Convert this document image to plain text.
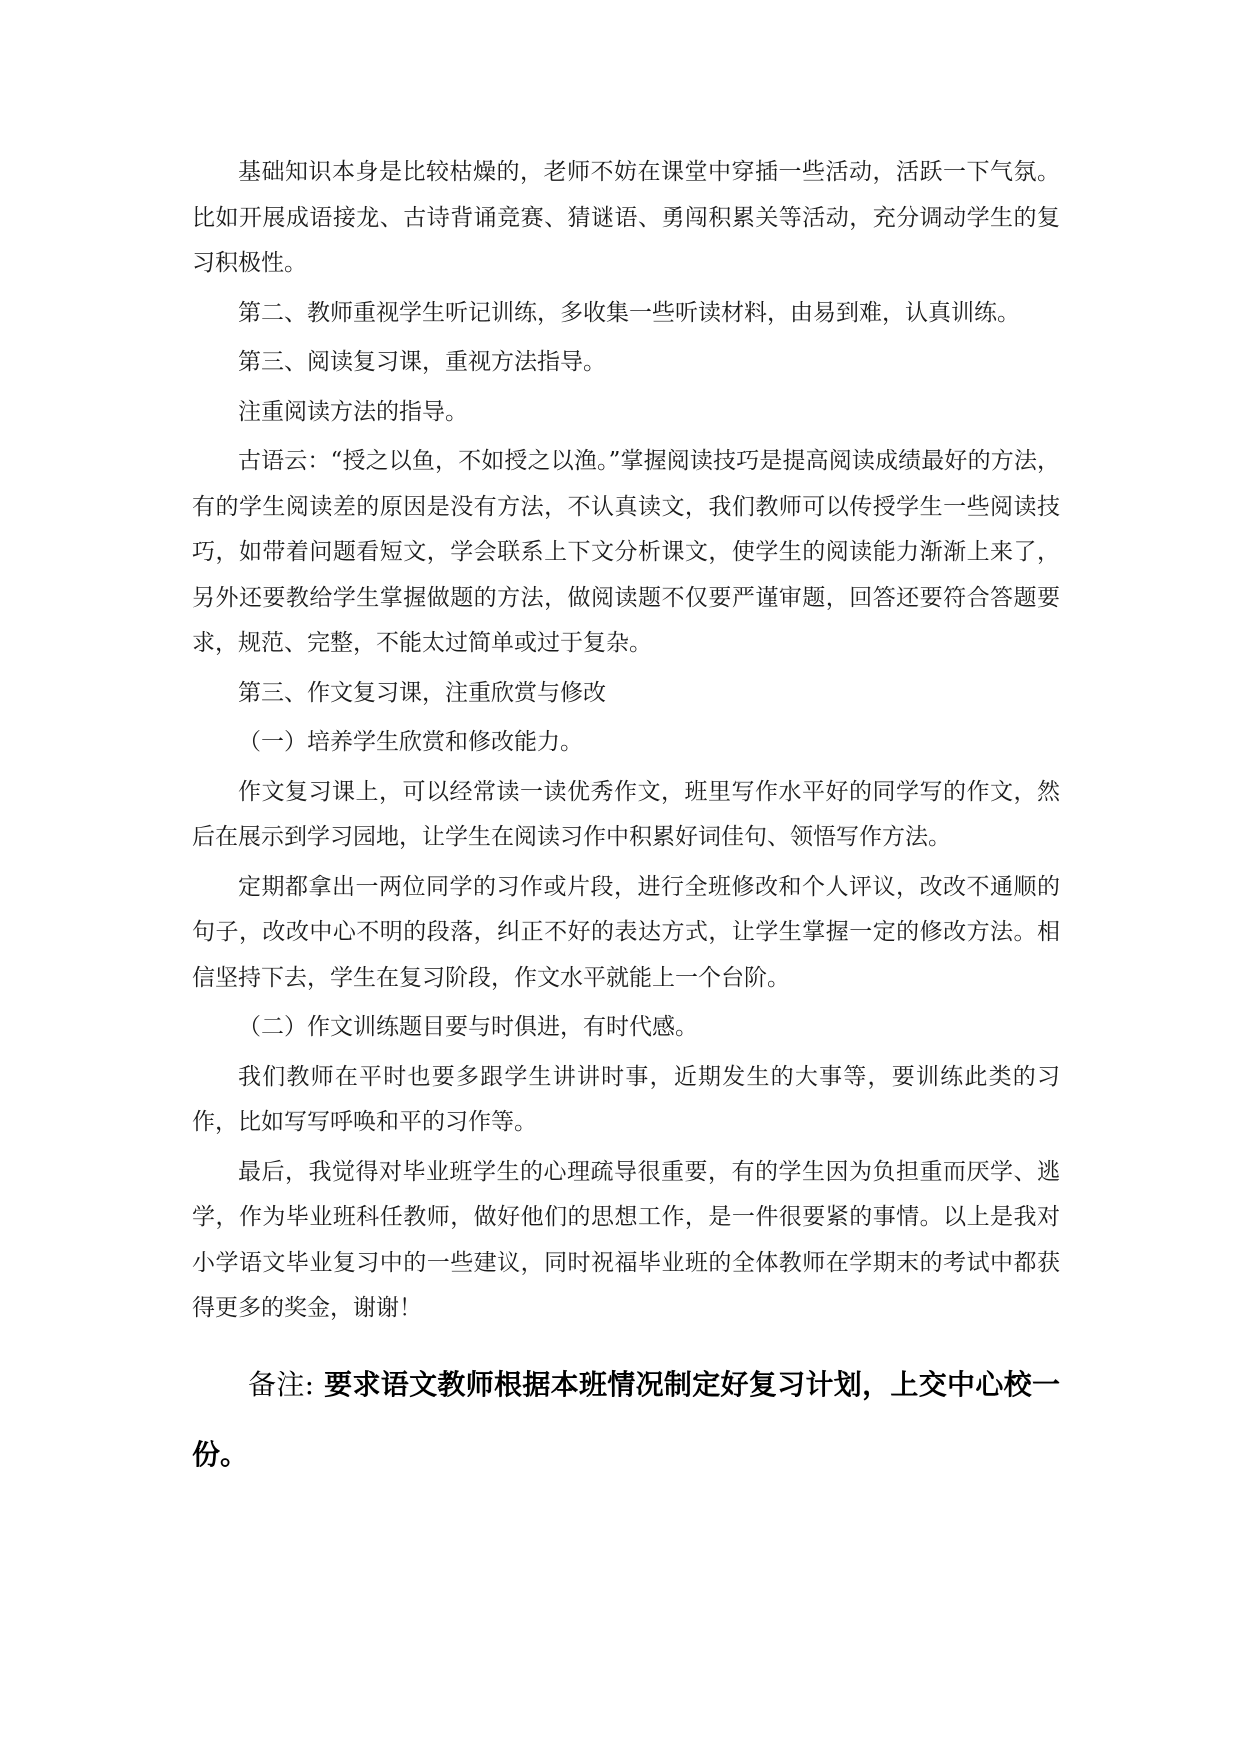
基础知识本身是比较枯燥的，老师不妨在课堂中穿插一些活动，活跃一下气氛。比如开展成语接龙、古诗背诵竞赛、猜谜语、勇闯积累关等活动，充分调动学生的复习积极性。

第二、教师重视学生听记训练，多收集一些听读材料，由易到难，认真训练。

第三、阅读复习课，重视方法指导。

注重阅读方法的指导。

古语云：“授之以鱼，不如授之以渔。”掌握阅读技巧是提高阅读成绩最好的方法，有的学生阅读差的原因是没有方法，不认真读文，我们教师可以传授学生一些阅读技巧，如带着问题看短文，学会联系上下文分析课文，使学生的阅读能力渐渐上来了，另外还要教给学生掌握做题的方法，做阅读题不仅要严谨审题，回答还要符合答题要求，规范、完整，不能太过简单或过于复杂。

第三、作文复习课，注重欣赏与修改

（一）培养学生欣赏和修改能力。

作文复习课上，可以经常读一读优秀作文，班里写作水平好的同学写的作文，然后在展示到学习园地，让学生在阅读习作中积累好词佳句、领悟写作方法。

定期都拿出一两位同学的习作或片段，进行全班修改和个人评议，改改不通顺的句子，改改中心不明的段落，纠正不好的表达方式，让学生掌握一定的修改方法。相信坚持下去，学生在复习阶段，作文水平就能上一个台阶。

（二）作文训练题目要与时俱进，有时代感。

我们教师在平时也要多跟学生讲讲时事，近期发生的大事等，要训练此类的习作，比如写写呼唤和平的习作等。

最后，我觉得对毕业班学生的心理疏导很重要，有的学生因为负担重而厌学、逃学，作为毕业班科任教师，做好他们的思想工作，是一件很要紧的事情。以上是我对小学语文毕业复习中的一些建议，同时祝福毕业班的全体教师在学期末的考试中都获得更多的奖金，谢谢！

备注: 要求语文教师根据本班情况制定好复习计划，上交中心校一份。
